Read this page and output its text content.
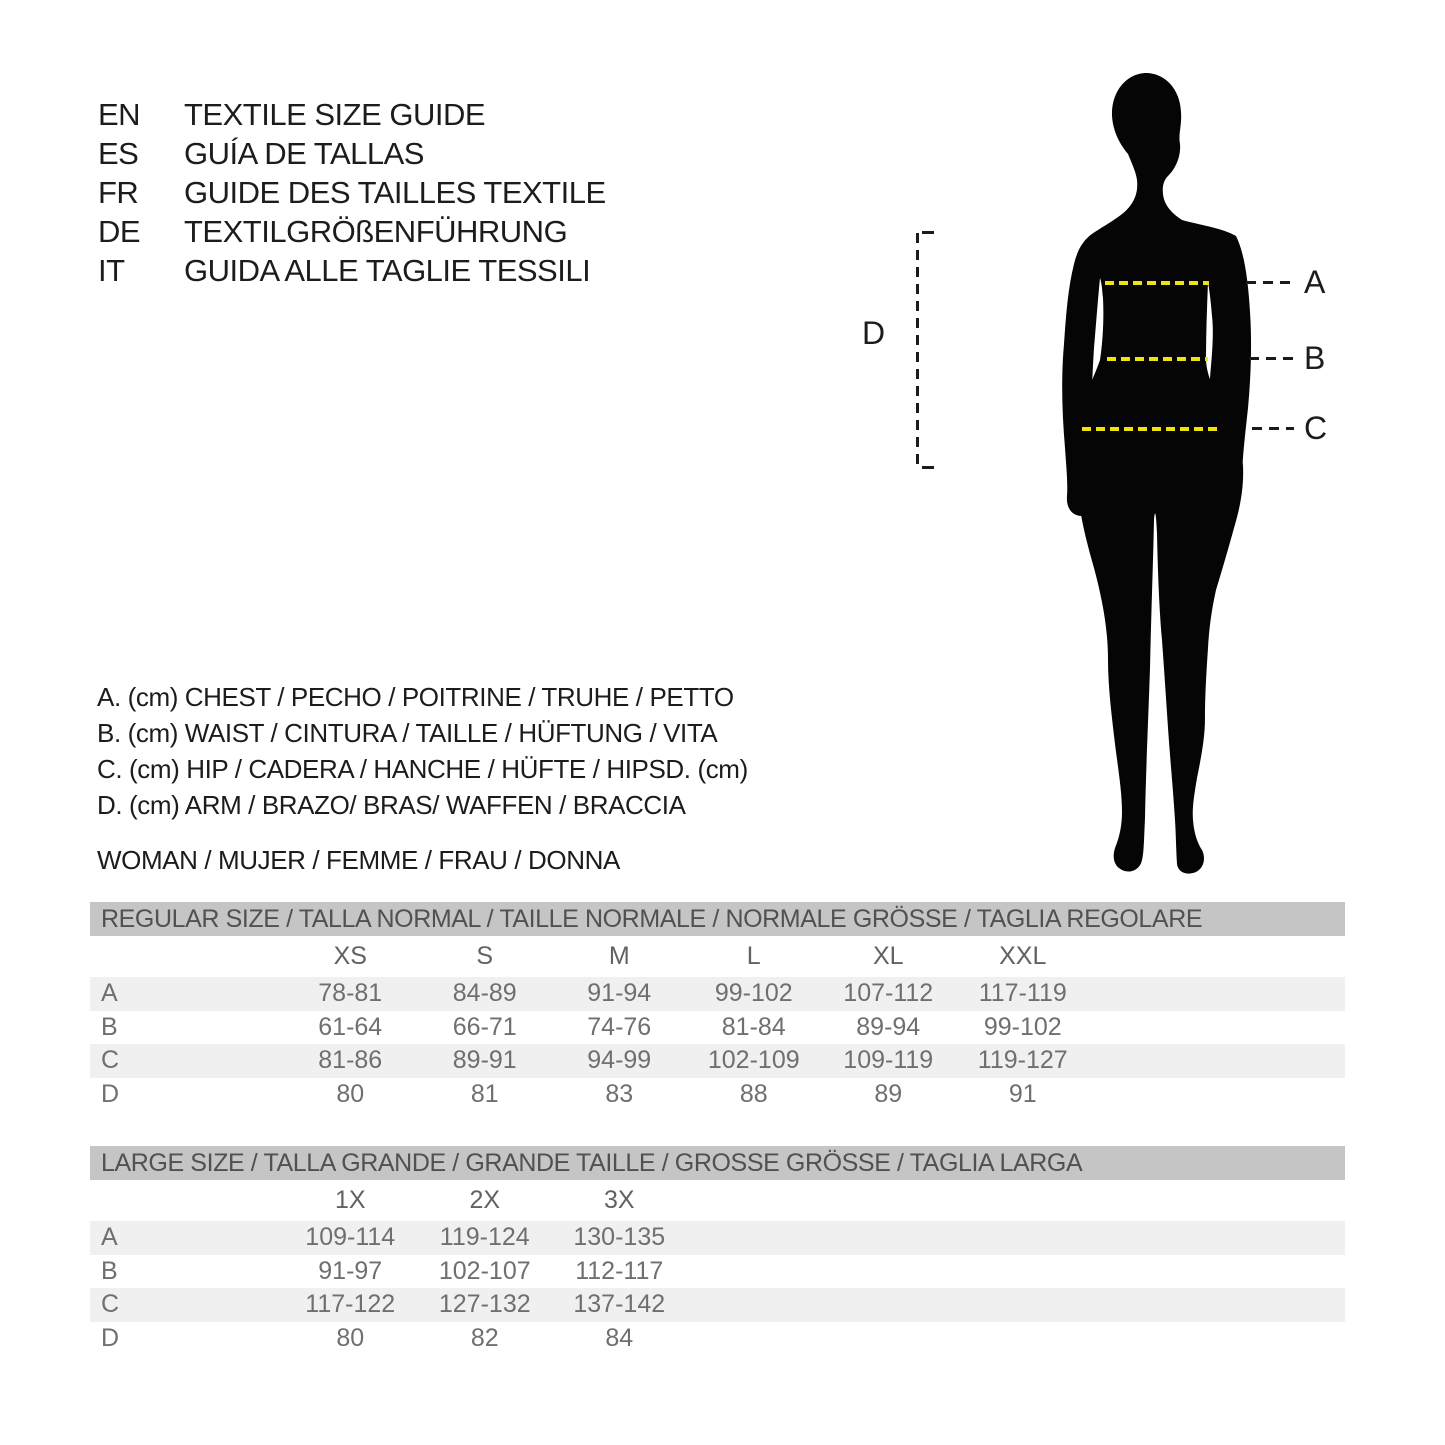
EN	TEXTILE SIZE GUIDE
ES	GUÍA DE TALLAS
FR	GUIDE DES TAILLES TEXTILE
DE	TEXTILGRÖßENFÜHRUNG
IT	GUIDA ALLE TAGLIE TESSILI	A
B
C
D
A. (cm) CHEST / PECHO / POITRINE / TRUHE / PETTO
B. (cm) WAIST / CINTURA / TAILLE / HÜFTUNG / VITA
C. (cm) HIP / CADERA / HANCHE / HÜFTE / HIPSD. (cm)
D. (cm) ARM / BRAZO/ BRAS/ WAFFEN / BRACCIA
WOMAN / MUJER / FEMME / FRAU / DONNA
REGULAR SIZE / TALLA NORMAL / TAILLE NORMALE / NORMALE GRÖSSE / TAGLIA REGOLARE
XS	S	M	L	XL	XXL
A	78-81	84-89	91-94	99-102	107-112	117-119
B	61-64	66-71	74-76	81-84	89-94	99-102
C	81-86	89-91	94-99	102-109	109-119	119-127
D	80	81	83	88	89	91
LARGE SIZE / TALLA GRANDE / GRANDE TAILLE / GROSSE GRÖSSE / TAGLIA LARGA
1X	2X	3X
A	109-114	119-124	130-135
B	91-97	102-107	112-117
C	117-122	127-132	137-142
D	80	82	84
